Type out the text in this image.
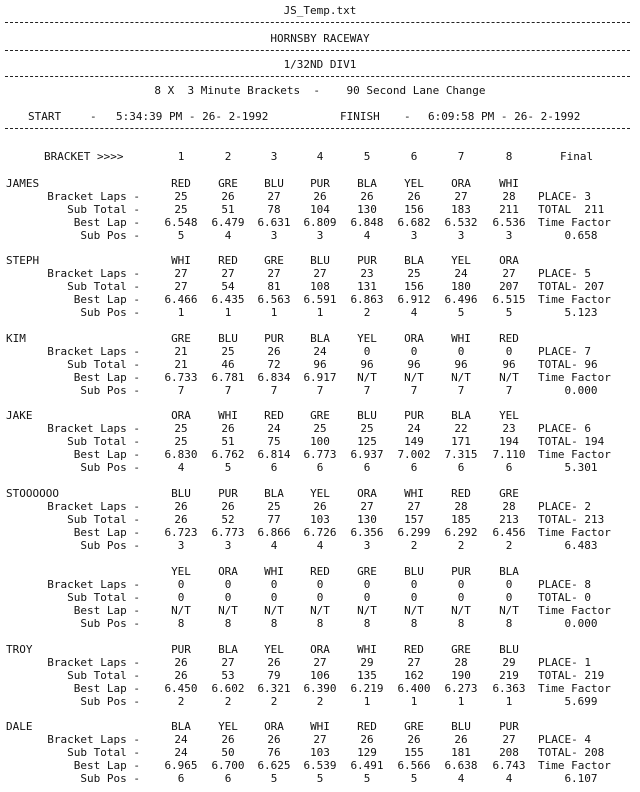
JS_Temp.txt
HORNSBY RACEWAY
1/32ND DIV1
8 X  3 Minute Brackets  -    90 Second Lane Change
START	- 5:34:39 PM - 26- 2-1992	FINISH - 6:09:58 PM - 26- 2-1992
BRACKET >>>>	1	2	3	4	5	6	7	8	Final
JAMES	RED	GRE	BLU	PUR	BLA	YEL	ORA	WHI
Bracket Laps -	25	26	27	26	26	26	27	28
Sub Total -	25	51	78	104	130	156	183	211
Best Lap -	6.548	6.479	6.631	6.809	6.848	6.682	6.532	6.536
Sub Pos -	5	4	3	3	4	3	3	3
PLACE- 3
TOTAL  211
Time Factor
0.658
STEPH	WHI	RED	GRE	BLU	PUR	BLA	YEL	ORA
Bracket Laps -	27	27	27	27	23	25	24	27
Sub Total -	27	54	81	108	131	156	180	207
Best Lap -	6.466	6.435	6.563	6.591	6.863	6.912	6.496	6.515
Sub Pos -	1	1	1	1	2	4	5	5
PLACE- 5
TOTAL- 207
Time Factor
5.123
KIM	GRE	BLU	PUR	BLA	YEL	ORA	WHI	RED
Bracket Laps -	21	25	26	24	0	0	0	0
Sub Total -	21	46	72	96	96	96	96	96
Best Lap -	6.733	6.781	6.834	6.917	N/T	N/T	N/T	N/T
Sub Pos -	7	7	7	7	7	7	7	7
PLACE- 7
TOTAL- 96
Time Factor
0.000
JAKE	ORA	WHI	RED	GRE	BLU	PUR	BLA	YEL
Bracket Laps -	25	26	24	25	25	24	22	23
Sub Total -	25	51	75	100	125	149	171	194
Best Lap -	6.830	6.762	6.814	6.773	6.937	7.002	7.315	7.110
Sub Pos -	4	5	6	6	6	6	6	6
PLACE- 6
TOTAL- 194
Time Factor
5.301
STOOOOOO	BLU	PUR	BLA	YEL	ORA	WHI	RED	GRE
Bracket Laps -	26	26	25	26	27	27	28	28
Sub Total -	26	52	77	103	130	157	185	213
Best Lap -	6.723	6.773	6.866	6.726	6.356	6.299	6.292	6.456
Sub Pos -	3	3	4	4	3	2	2	2
PLACE- 2
TOTAL- 213
Time Factor
6.483
YEL	ORA	WHI	RED	GRE	BLU	PUR	BLA
Bracket Laps -	0	0	0	0	0	0	0	0
Sub Total -	0	0	0	0	0	0	0	0
Best Lap -	N/T	N/T	N/T	N/T	N/T	N/T	N/T	N/T
Sub Pos -	8	8	8	8	8	8	8	8
PLACE- 8
TOTAL- 0
Time Factor
0.000
TROY	PUR	BLA	YEL	ORA	WHI	RED	GRE	BLU
Bracket Laps -	26	27	26	27	29	27	28	29
Sub Total -	26	53	79	106	135	162	190	219
Best Lap -	6.450	6.602	6.321	6.390	6.219	6.400	6.273	6.363
Sub Pos -	2	2	2	2	1	1	1	1
PLACE- 1
TOTAL- 219
Time Factor
5.699
DALE	BLA	YEL	ORA	WHI	RED	GRE	BLU	PUR
Bracket Laps -	24	26	26	27	26	26	26	27
Sub Total -	24	50	76	103	129	155	181	208
Best Lap -	6.965	6.700	6.625	6.539	6.491	6.566	6.638	6.743
Sub Pos -	6	6	5	5	5	5	4	4
PLACE- 4
TOTAL- 208
Time Factor
6.107
